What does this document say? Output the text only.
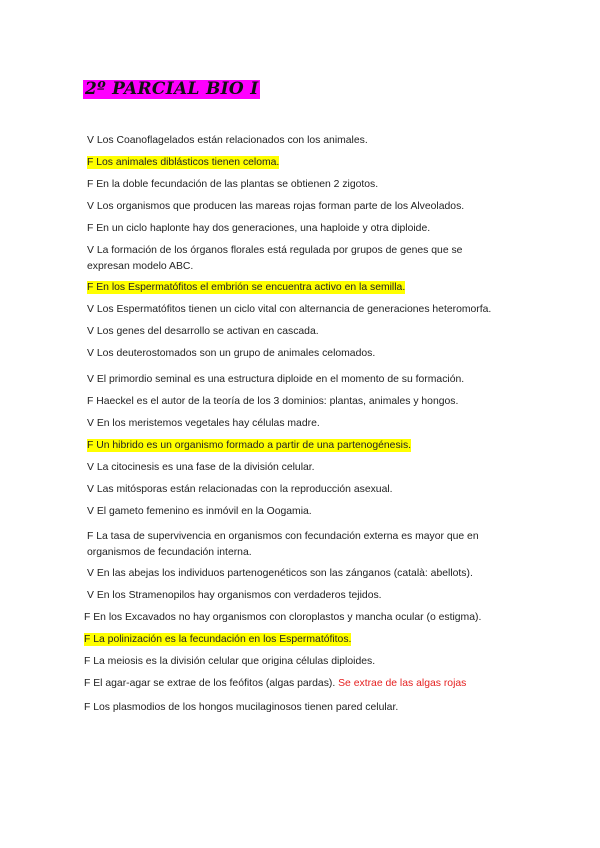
2º PARCIAL BIO I
V Los Coanoflagelados están relacionados con los animales.
F Los animales diblásticos tienen celoma.
F En la doble fecundación de las plantas se obtienen 2 zigotos.
V Los organismos que producen las mareas rojas forman parte de los Alveolados.
F En un ciclo haplonte hay dos generaciones, una haploide y otra diploide.
V La formación de los órganos florales está regulada por grupos de genes que se expresan modelo ABC.
F En los Espermatófitos el embrión se encuentra activo en la semilla.
V Los Espermatófitos tienen un ciclo vital con alternancia de generaciones heteromorfa.
V Los genes del desarrollo se activan en cascada.
V Los deuterostomados son un grupo de animales celomados.
V El primordio seminal es una estructura diploide en el momento de su formación.
F Haeckel es el autor de la teoría de los 3 dominios: plantas, animales y hongos.
V En los meristemos vegetales hay células madre.
F Un hibrido es un organismo formado a partir de una partenogénesis.
V La citocinesis es una fase de la división celular.
V Las mitósporas están relacionadas con la reproducción asexual.
V El gameto femenino es inmóvil en la Oogamia.
F La tasa de supervivencia en organismos con fecundación externa es mayor que en organismos de fecundación interna.
V En las abejas los individuos partenogenéticos son las zánganos (català: abellots).
V En los Stramenopilos hay organismos con verdaderos tejidos.
F En los Excavados no hay organismos con cloroplastos y mancha ocular (o estigma).
F La polinización es la fecundación en los Espermatófitos.
F La meiosis es la división celular que origina células diploides.
F El agar-agar se extrae de los feófitos (algas pardas). Se extrae de las algas rojas
F Los plasmodios de los hongos mucilaginosos tienen pared celular.
